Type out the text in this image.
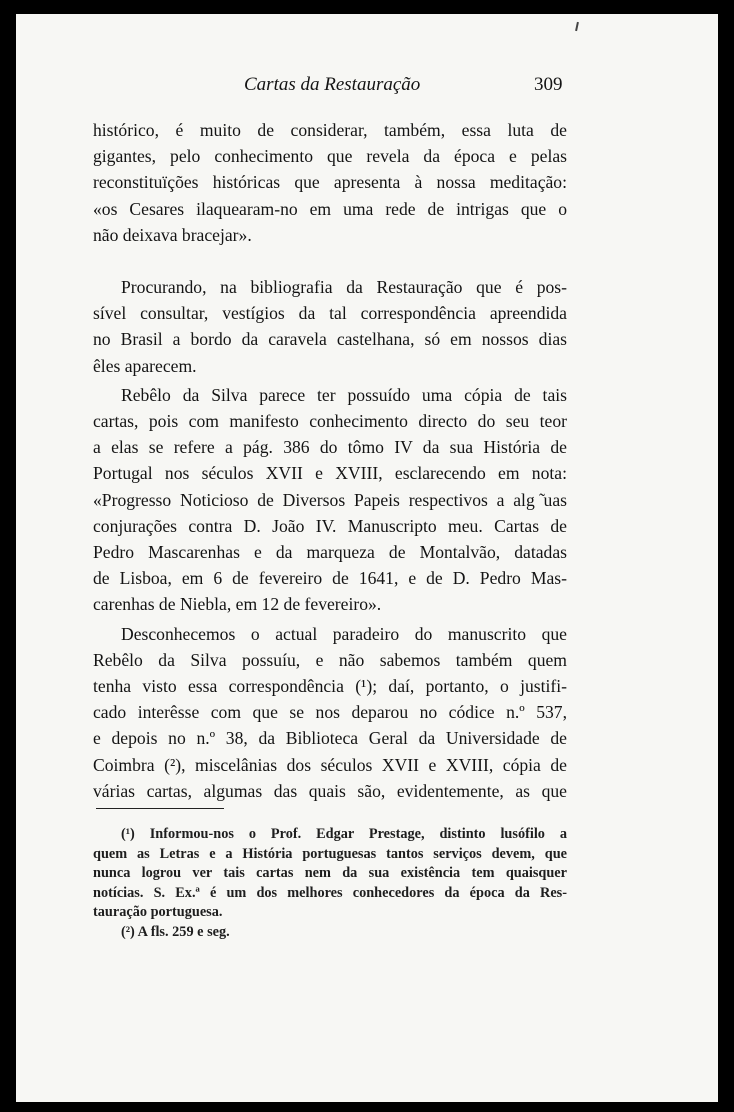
Cartas da Restauração	309
histórico, é muito de considerar, também, essa luta de
gigantes, pelo conhecimento que revela da época e pelas
reconstituïções históricas que apresenta à nossa meditação:
«os Cesares ilaquearam-no em uma rede de intrigas que o
não deixava bracejar».
Procurando, na bibliografia da Restauração que é pos-
sível consultar, vestígios da tal correspondência apreendida
no Brasil a bordo da caravela castelhana, só em nossos dias
êles aparecem.
Rebêlo da Silva parece ter possuído uma cópia de tais
cartas, pois com manifesto conhecimento directo do seu teor
a elas se refere a pág. 386 do tômo IV da sua História de
Portugal nos séculos XVII e XVIII, esclarecendo em nota:
«Progresso Noticioso de Diversos Papeis respectivos a alg ̃uas
conjurações contra D. João IV. Manuscripto meu. Cartas de
Pedro Mascarenhas e da marqueza de Montalvão, datadas
de Lisboa, em 6 de fevereiro de 1641, e de D. Pedro Mas-
carenhas de Niebla, em 12 de fevereiro».
Desconhecemos o actual paradeiro do manuscrito que
Rebêlo da Silva possuíu, e não sabemos também quem
tenha visto essa correspondência (¹); daí, portanto, o justifi-
cado interêsse com que se nos deparou no códice n.º 537,
e depois no n.º 38, da Biblioteca Geral da Universidade de
Coimbra (²), miscelânias dos séculos XVII e XVIII, cópia de
várias cartas, algumas das quais são, evidentemente, as que
(¹) Informou-nos o Prof. Edgar Prestage, distinto lusófilo a
quem as Letras e a História portuguesas tantos serviços devem, que
nunca logrou ver tais cartas nem da sua existência tem quaisquer
notícias. S. Ex.ª é um dos melhores conhecedores da época da Res-
tauração portuguesa.
(²) A fls. 259 e seg.
